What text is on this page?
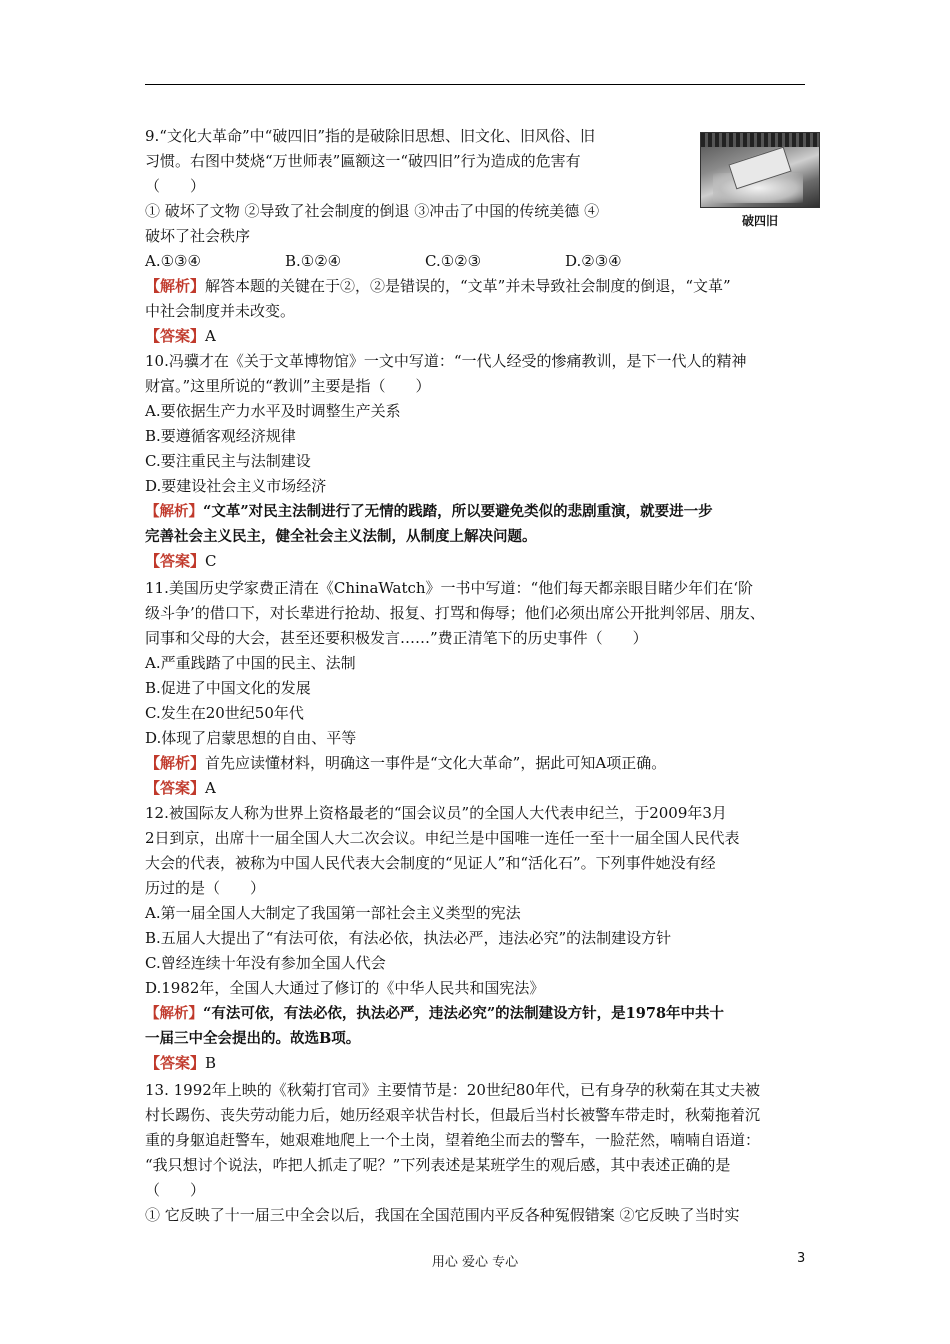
破四旧
9.“文化大革命”中“破四旧”指的是破除旧思想、旧文化、旧风俗、旧
习惯。右图中焚烧“万世师表”匾额这一“破四旧”行为造成的危害有
（　　）
① 破坏了文物 ②导致了社会制度的倒退 ③冲击了中国的传统美德 ④
破坏了社会秩序
A.①③④	B.①②④	C.①②③	D.②③④
【解析】解答本题的关键在于②，②是错误的，“文革”并未导致社会制度的倒退，“文革”
中社会制度并未改变。
【答案】A
10.冯骥才在《关于文革博物馆》一文中写道：“一代人经受的惨痛教训，是下一代人的精神
财富。”这里所说的“教训”主要是指（　　）
A.要依据生产力水平及时调整生产关系
B.要遵循客观经济规律
C.要注重民主与法制建设
D.要建设社会主义市场经济
【解析】“文革”对民主法制进行了无情的践踏，所以要避免类似的悲剧重演，就要进一步
完善社会主义民主，健全社会主义法制，从制度上解决问题。
【答案】C
11.美国历史学家费正清在《ChinaWatch》一书中写道：“他们每天都亲眼目睹少年们在‘阶
级斗争’的借口下，对长辈进行抢劫、报复、打骂和侮辱；他们必须出席公开批判邻居、朋友、
同事和父母的大会，甚至还要积极发言……”费正清笔下的历史事件（　　）
A.严重践踏了中国的民主、法制
B.促进了中国文化的发展
C.发生在20世纪50年代
D.体现了启蒙思想的自由、平等
【解析】首先应读懂材料，明确这一事件是“文化大革命”，据此可知A项正确。
【答案】A
12.被国际友人称为世界上资格最老的“国会议员”的全国人大代表申纪兰，于2009年3月
2日到京，出席十一届全国人大二次会议。申纪兰是中国唯一连任一至十一届全国人民代表
大会的代表，被称为中国人民代表大会制度的“见证人”和“活化石”。下列事件她没有经
历过的是（　　）
A.第一届全国人大制定了我国第一部社会主义类型的宪法
B.五届人大提出了“有法可依，有法必依，执法必严，违法必究”的法制建设方针
C.曾经连续十年没有参加全国人代会
D.1982年，全国人大通过了修订的《中华人民共和国宪法》
【解析】“有法可依，有法必依，执法必严，违法必究”的法制建设方针，是1978年中共十
一届三中全会提出的。故选B项。
【答案】B
13. 1992年上映的《秋菊打官司》主要情节是：20世纪80年代，已有身孕的秋菊在其丈夫被
村长踢伤、丧失劳动能力后，她历经艰辛状告村长，但最后当村长被警车带走时，秋菊拖着沉
重的身躯追赶警车，她艰难地爬上一个土岗，望着绝尘而去的警车，一脸茫然，喃喃自语道：
“我只想讨个说法，咋把人抓走了呢？”下列表述是某班学生的观后感，其中表述正确的是
（　　）
① 它反映了十一届三中全会以后，我国在全国范围内平反各种冤假错案 ②它反映了当时实
用心 爱心 专心	3
